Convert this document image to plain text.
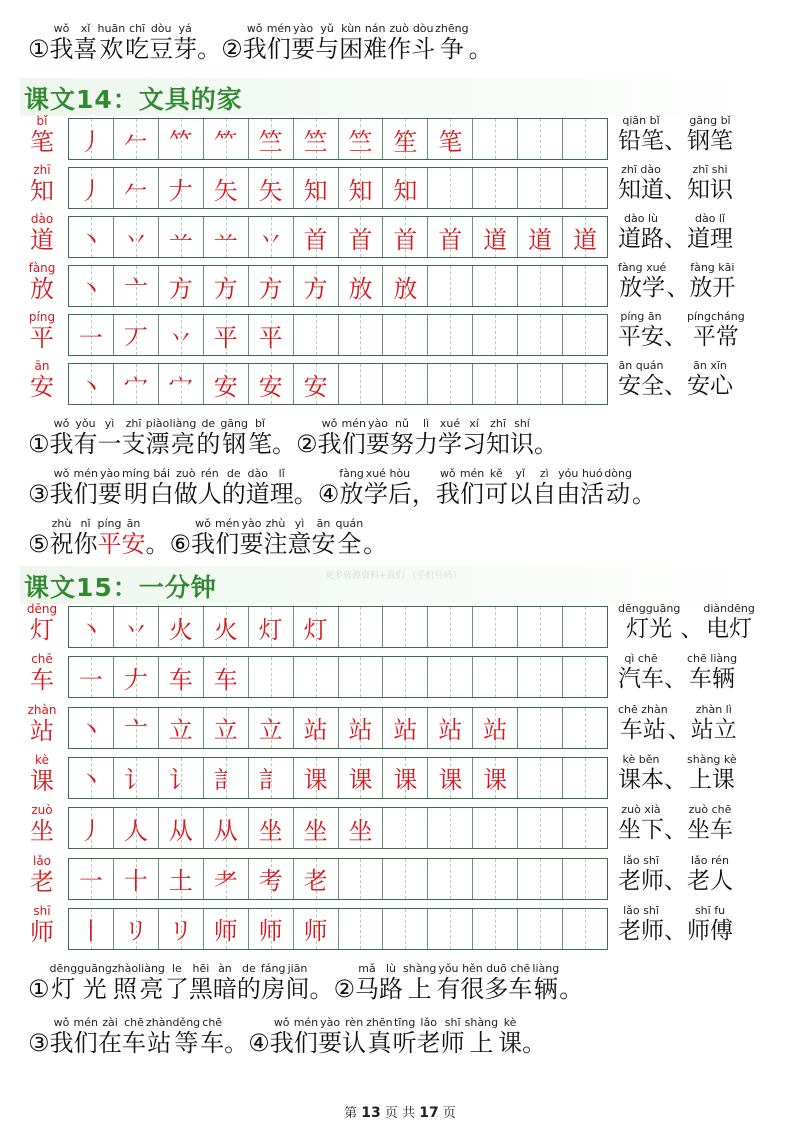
①
wǒ
我
xǐ
喜
huān
欢
chī
吃
dòu
豆
yá
芽 。 ②
wǒ
我
mén
们
yào
要
yǔ
与
kùn
困
nán
难
zuò
作
dòu
斗
zhēng
争 。
课文14：文具的家
bǐ
笔 丿 𠂉 𥫗 ⺮ 竺 竺 竺 笙 笔
qiān bǐ
铅笔 、
gāng bǐ
钢笔
zhī
知 丿 𠂉 𠂇 矢 矢 知 知 知
zhī dào
知道 、
zhī shi
知识
dào
道 丶 丷 䒑 䒑 丷 首 首 首 首 道 道 道
dào lù
道路 、
dào lǐ
道理
fàng
放 丶 亠 方 方 方 方 放 放
fàng xué
放学 、
fàng kāi
放开
píng
平 一 丆 丷 平 平
píng ān
平安 、
píngcháng
平常
ān
安 丶 宀 宀 安 安 安
ān quán
安全 、
ān xīn
安心
①
wǒ
我
yǒu
有
yì
一
zhī
支
piào
漂
liàng
亮
de
的
gāng
钢
bǐ
笔 。 ②
wǒ
我
mén
们
yào
要
nǔ
努
lì
力
xué
学
xí
习
zhī
知
shí
识 。
③
wǒ
我
mén
们
yào
要
míng
明
bái
白
zuò
做
rén
人
de
的
dào
道
lǐ
理 。 ④
fàng
放
xué
学
hòu
后 ，
wǒ
我
mén
们
kě
可
yǐ
以
zì
自
yóu
由
huó
活
dòng
动 。
⑤
zhù
祝
nǐ
你
píng
平
ān
安 。 ⑥
wǒ
我
mén
们
yào
要
zhù
注
yì
意
ān
安
quán
全 。
更多资源资料+我们 （手机号码）
课文15：一分钟
dēng
灯 丶 丷 火 火 灯 灯
dēngguāng
灯光 、
diàndēng
电灯
chē
车 一 𠂇 车 车
qì chē
汽车 、
chē liàng
车辆
zhàn
站 丶 亠 立 立 立 站 站 站 站 站
chē zhàn
车站 、
zhàn lì
站立
kè
课 丶 讠 讠 訁 訁 课 课 课 课 课
kè běn
课本 、
shàng kè
上课
zuò
坐 丿 人 从 从 坐 坐 坐
zuò xià
坐下 、
zuò chē
坐车
lǎo
老 一 十 土 耂 考 老
lǎo shī
老师 、
lǎo rén
老人
shī
师 丨 リ リ 师 师 师
lǎo shī
老师 、
shī fu
师傅
①
dēng
灯
guāng
光
zhào
照
liàng
亮
le
了
hēi
黑
àn
暗
de
的
fáng
房
jiān
间 。 ②
mǎ
马
lù
路
shàng
上
yǒu
有
hěn
很
duō
多
chē
车
liàng
辆 。
③
wǒ
我
mén
们
zài
在
chē
车
zhàn
站
děng
等
chē
车 。 ④
wǒ
我
mén
们
yào
要
rèn
认
zhēn
真
tīng
听
lǎo
老
shī
师
shàng
上
kè
课 。
第 13 页 共 17 页
